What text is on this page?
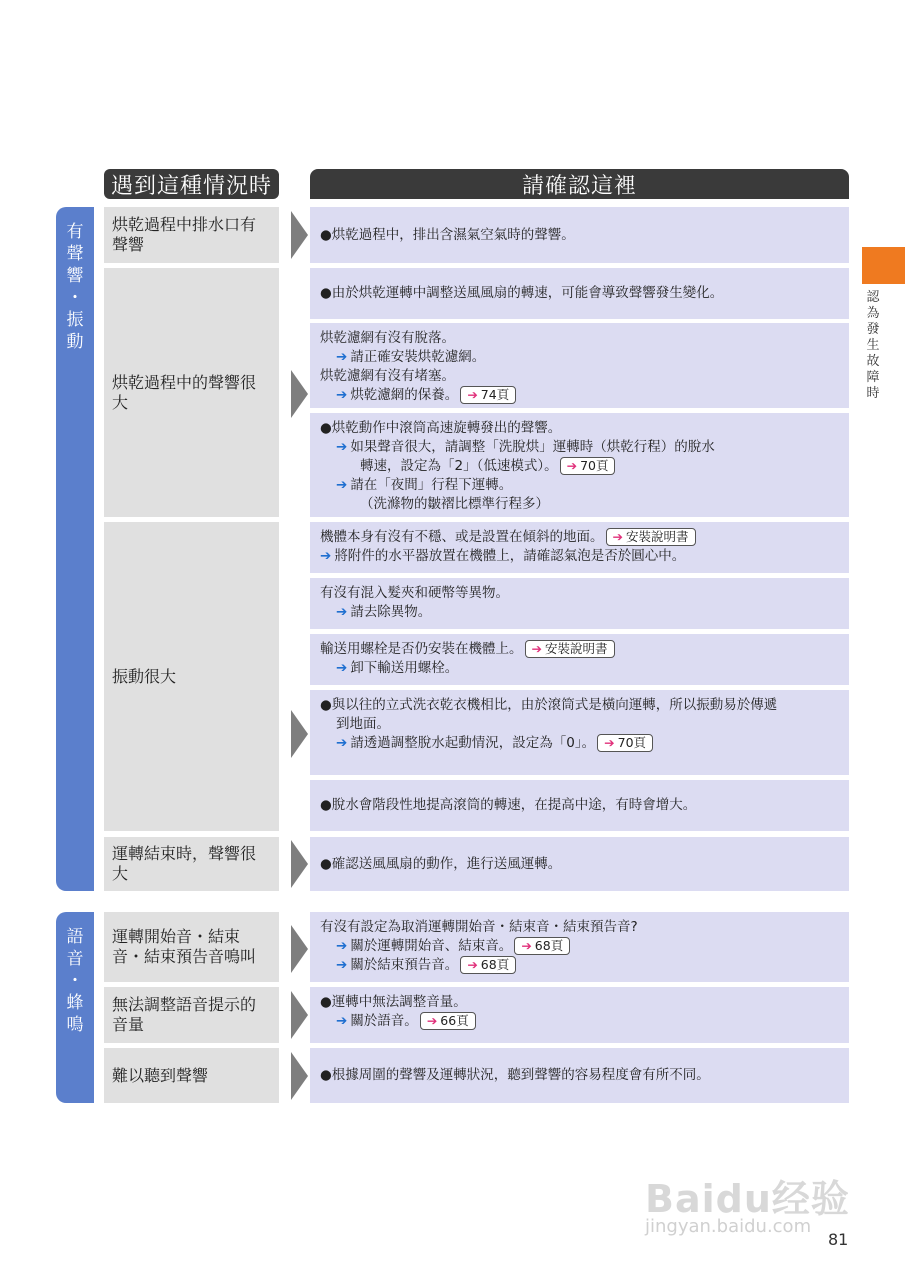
遇到這種情況時	請確認這裡
認
為
發
生
故
障
時
有
聲
響
・
振
動
語
音
・
蜂
鳴
烘乾過程中排水口有聲響
烘乾過程中的聲響很大
振動很大
運轉結束時，聲響很大
運轉開始音・結束音・結束預告音鳴叫
無法調整語音提示的音量
難以聽到聲響
●烘乾過程中，排出含濕氣空氣時的聲響。
●由於烘乾運轉中調整送風風扇的轉速，可能會導致聲響發生變化。
烘乾濾網有沒有脫落。
➔ 請正確安裝烘乾濾網。
烘乾濾網有沒有堵塞。
➔ 烘乾濾網的保養。 ➔ 74頁
●烘乾動作中滾筒高速旋轉發出的聲響。
➔ 如果聲音很大，請調整「洗脫烘」運轉時（烘乾行程）的脫水
轉速，設定為「2」（低速模式）。 ➔ 70頁
➔ 請在「夜間」行程下運轉。
（洗滌物的皺褶比標準行程多）
機體本身有沒有不穩、或是設置在傾斜的地面。 ➔ 安裝說明書
➔ 將附件的水平器放置在機體上，請確認氣泡是否於圓心中。
有沒有混入髮夾和硬幣等異物。
➔ 請去除異物。
輸送用螺栓是否仍安裝在機體上。 ➔ 安裝說明書
➔ 卸下輸送用螺栓。
●與以往的立式洗衣乾衣機相比，由於滾筒式是橫向運轉，所以振動易於傳遞
到地面。
➔ 請透過調整脫水起動情況，設定為「0」。 ➔ 70頁
●脫水會階段性地提高滾筒的轉速，在提高中途，有時會增大。
●確認送風風扇的動作，進行送風運轉。
有沒有設定為取消運轉開始音・結束音・結束預告音?
➔ 關於運轉開始音、結束音。 ➔ 68頁
➔ 關於結束預告音。 ➔ 68頁
●運轉中無法調整音量。
➔ 關於語音。 ➔ 66頁
●根據周圍的聲響及運轉狀況，聽到聲響的容易程度會有所不同。
Baidu经验
jingyan.baidu.com
81
